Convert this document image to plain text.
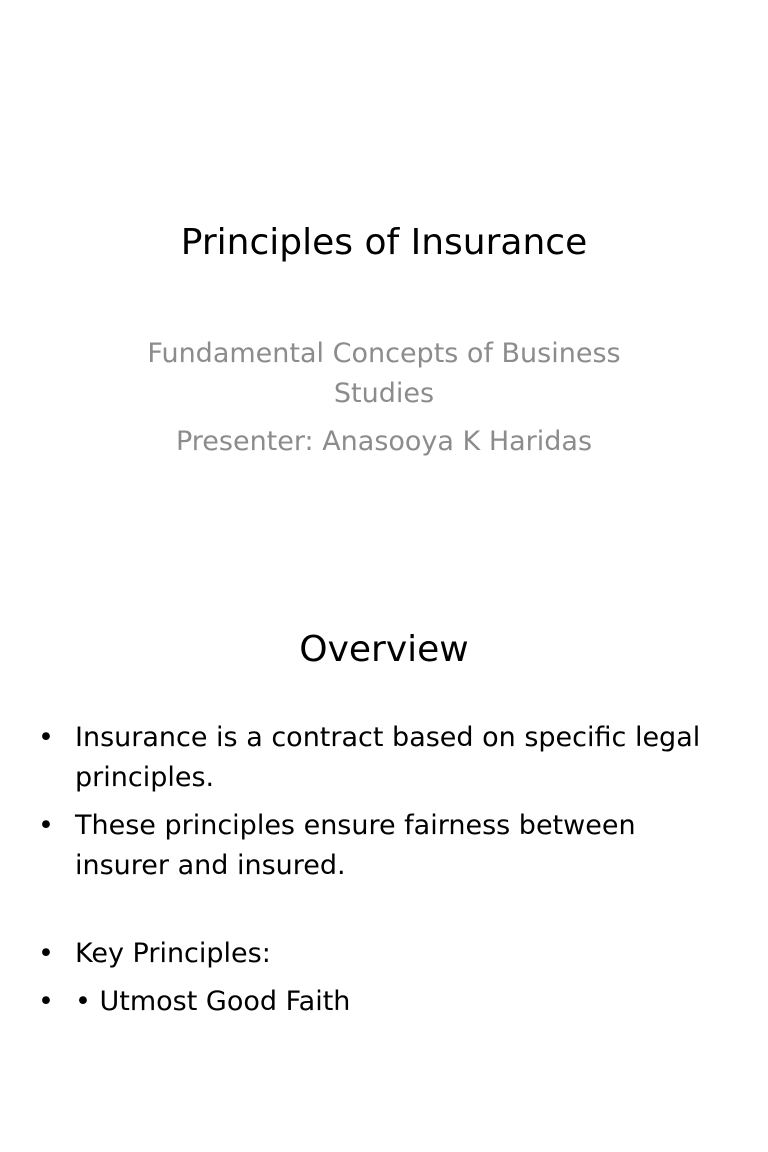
Principles of Insurance

Fundamental Concepts of Business Studies

Presenter: Anasooya K Haridas

Overview
• Insurance is a contract based on specific legal principles.
• These principles ensure fairness between insurer and insured.
• Key Principles:
• • Utmost Good Faith
